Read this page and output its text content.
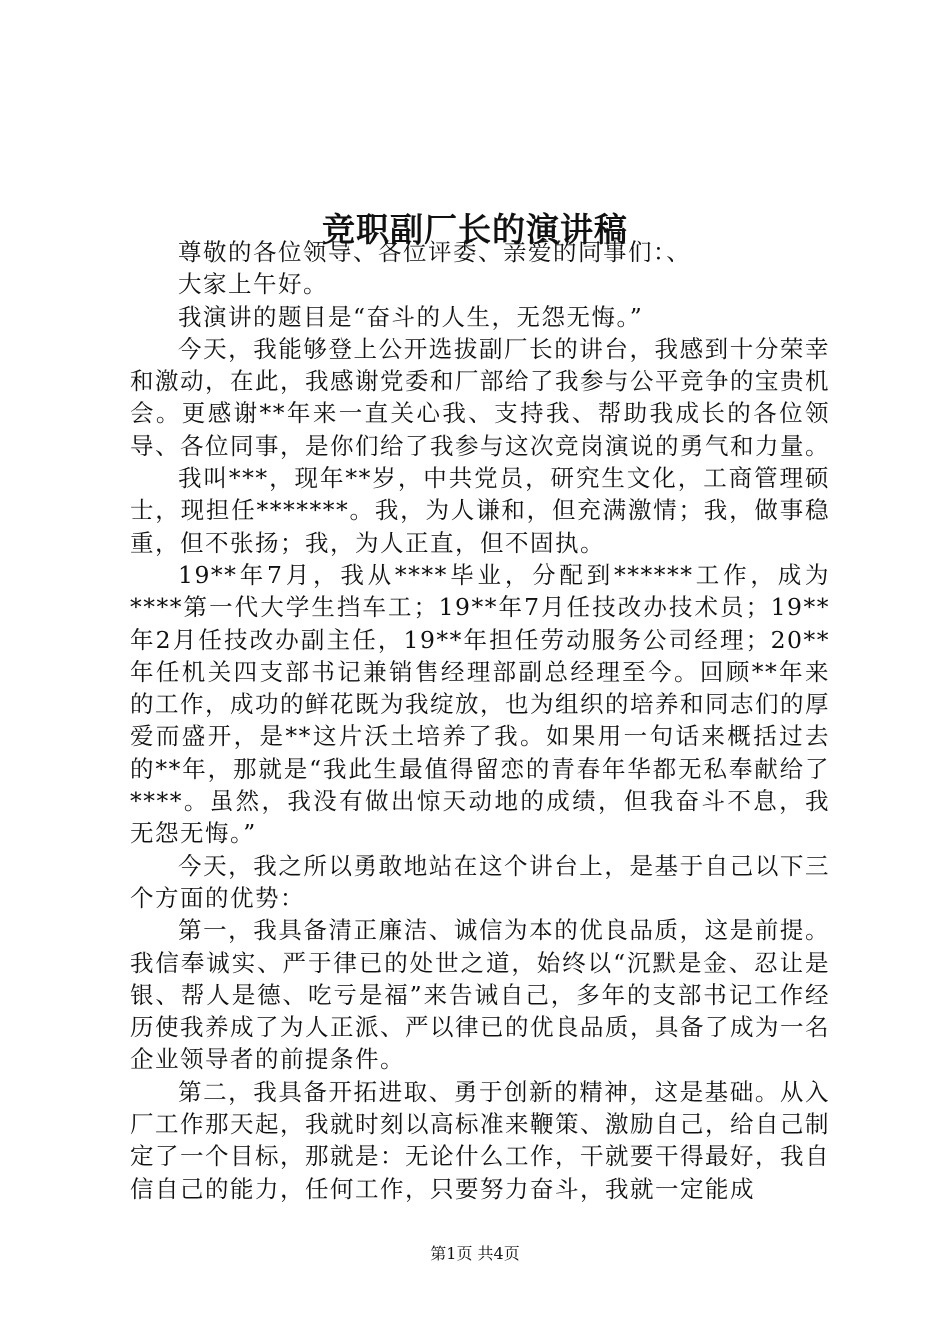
竞职副厂长的演讲稿

尊敬的各位领导、各位评委、亲爱的同事们：、

大家上午好。

我演讲的题目是“奋斗的人生，无怨无悔。”

今天，我能够登上公开选拔副厂长的讲台，我感到十分荣幸和激动，在此，我感谢党委和厂部给了我参与公平竞争的宝贵机会。更感谢**年来一直关心我、支持我、帮助我成长的各位领导、各位同事，是你们给了我参与这次竞岗演说的勇气和力量。

我叫***，现年**岁，中共党员，研究生文化，工商管理硕士，现担任*******。我，为人谦和，但充满激情；我，做事稳重，但不张扬；我，为人正直，但不固执。

19**年7月，我从****毕业，分配到******工作，成为****第一代大学生挡车工；19**年7月任技改办技术员；19**年2月任技改办副主任，19**年担任劳动服务公司经理；20**年任机关四支部书记兼销售经理部副总经理至今。回顾**年来的工作，成功的鲜花既为我绽放，也为组织的培养和同志们的厚爱而盛开，是**这片沃土培养了我。如果用一句话来概括过去的**年，那就是“我此生最值得留恋的青春年华都无私奉献给了****。虽然，我没有做出惊天动地的成绩，但我奋斗不息，我无怨无悔。”

今天，我之所以勇敢地站在这个讲台上，是基于自己以下三个方面的优势：

第一，我具备清正廉洁、诚信为本的优良品质，这是前提。我信奉诚实、严于律已的处世之道，始终以“沉默是金、忍让是银、帮人是德、吃亏是福”来告诫自己，多年的支部书记工作经历使我养成了为人正派、严以律已的优良品质，具备了成为一名企业领导者的前提条件。

第二，我具备开拓进取、勇于创新的精神，这是基础。从入厂工作那天起，我就时刻以高标准来鞭策、激励自己，给自己制定了一个目标，那就是：无论什么工作，干就要干得最好，我自信自己的能力，任何工作，只要努力奋斗，我就一定能成

第1页 共4页
